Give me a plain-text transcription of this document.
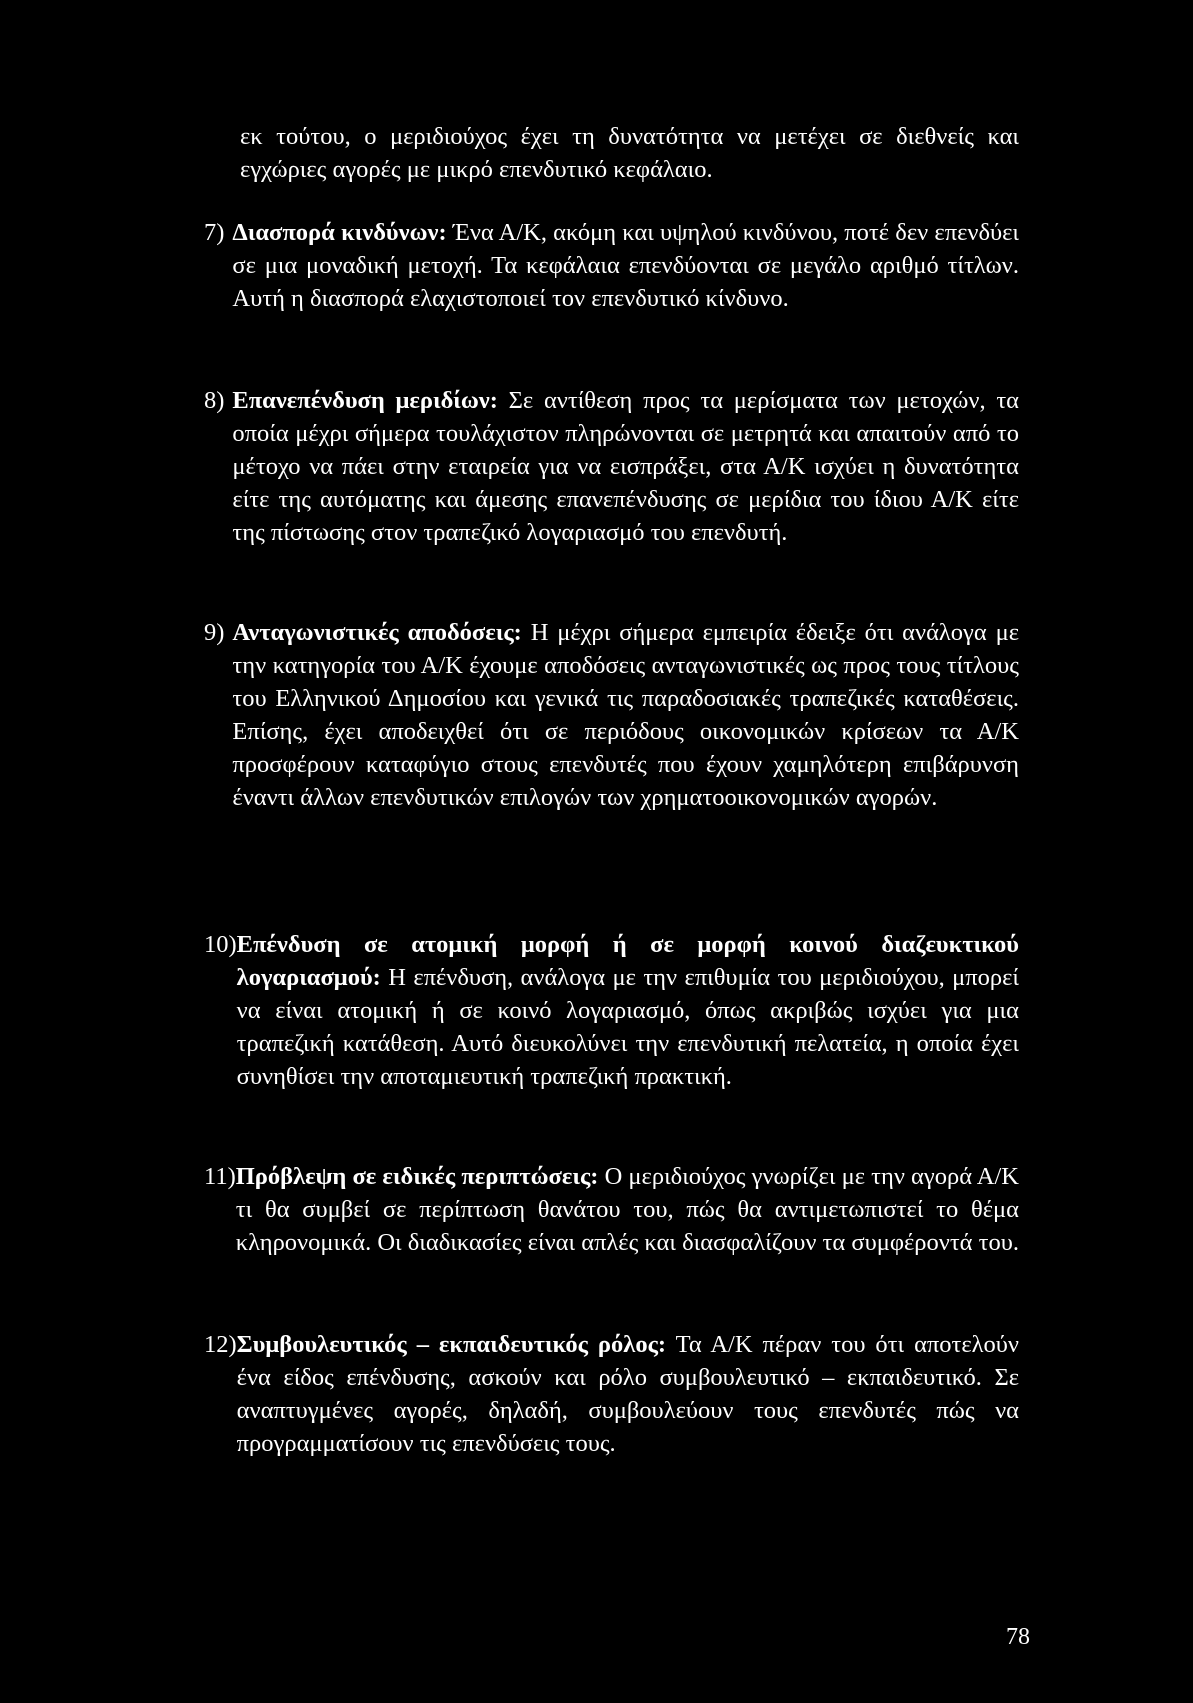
εκ τούτου, ο μεριδιούχος έχει τη δυνατότητα να μετέχει σε διεθνείς και εγχώριες αγορές με μικρό επενδυτικό κεφάλαιο.

7) Διασπορά κινδύνων: Ένα Α/Κ, ακόμη και υψηλού κινδύνου, ποτέ δεν επενδύει σε μια μοναδική μετοχή. Τα κεφάλαια επενδύονται σε μεγάλο αριθμό τίτλων. Αυτή η διασπορά ελαχιστοποιεί τον επενδυτικό κίνδυνο.
8) Επανεπένδυση μεριδίων: Σε αντίθεση προς τα μερίσματα των μετοχών, τα οποία μέχρι σήμερα τουλάχιστον πληρώνονται σε μετρητά και απαιτούν από το μέτοχο να πάει στην εταιρεία για να εισπράξει, στα Α/Κ ισχύει η δυνατότητα είτε της αυτόματης και άμεσης επανεπένδυσης σε μερίδια του ίδιου Α/Κ είτε της πίστωσης στον τραπεζικό λογαριασμό του επενδυτή.
9) Ανταγωνιστικές αποδόσεις: Η μέχρι σήμερα εμπειρία έδειξε ότι ανάλογα με την κατηγορία του Α/Κ έχουμε αποδόσεις ανταγωνιστικές ως προς τους τίτλους του Ελληνικού Δημοσίου και γενικά τις παραδοσιακές τραπεζικές καταθέσεις. Επίσης, έχει αποδειχθεί ότι σε περιόδους οικονομικών κρίσεων τα Α/Κ προσφέρουν καταφύγιο στους επενδυτές που έχουν χαμηλότερη επιβάρυνση έναντι άλλων επενδυτικών επιλογών των χρηματοοικονομικών αγορών.
10) Επένδυση σε ατομική μορφή ή σε μορφή κοινού διαζευκτικού λογαριασμού: Η επένδυση, ανάλογα με την επιθυμία του μεριδιούχου, μπορεί να είναι ατομική ή σε κοινό λογαριασμό, όπως ακριβώς ισχύει για μια τραπεζική κατάθεση. Αυτό διευκολύνει την επενδυτική πελατεία, η οποία έχει συνηθίσει την αποταμιευτική τραπεζική πρακτική.
11) Πρόβλεψη σε ειδικές περιπτώσεις: Ο μεριδιούχος γνωρίζει με την αγορά Α/Κ τι θα συμβεί σε περίπτωση θανάτου του, πώς θα αντιμετωπιστεί το θέμα κληρονομικά. Οι διαδικασίες είναι απλές και διασφαλίζουν τα συμφέροντά του.
12) Συμβουλευτικός – εκπαιδευτικός ρόλος: Τα Α/Κ πέραν του ότι αποτελούν ένα είδος επένδυσης, ασκούν και ρόλο συμβουλευτικό – εκπαιδευτικό. Σε αναπτυγμένες αγορές, δηλαδή, συμβουλεύουν τους επενδυτές πώς να προγραμματίσουν τις επενδύσεις τους.
78
